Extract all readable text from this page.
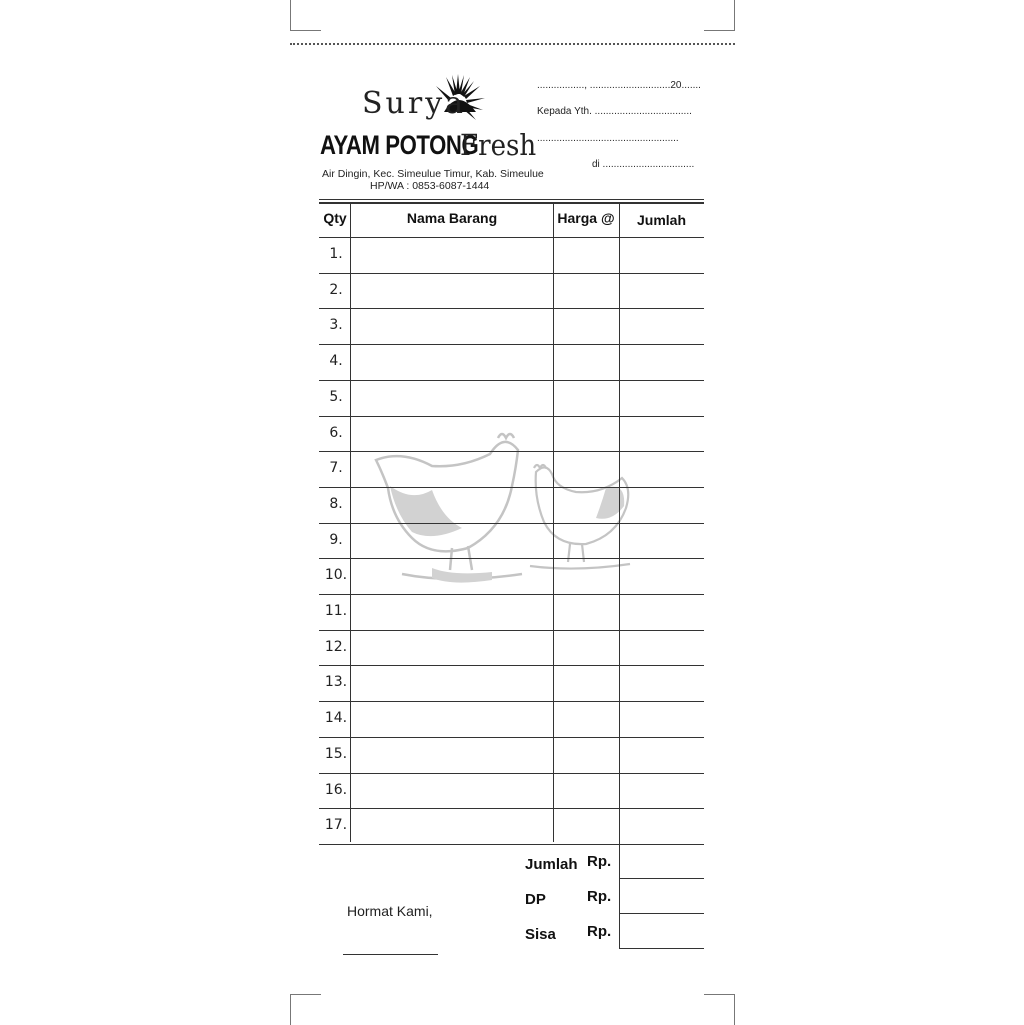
Surya
AYAM POTONG
Fresh
Air Dingin, Kec. Simeulue Timur, Kab. Simeulue
HP/WA : 0853-6087-1444
................., .............................20.......
Kepada Yth. ...................................
...................................................
di .................................
Qty	Nama Barang	Harga @	Jumlah
1.
2.
3.
4.
5.
6.
7.
8.
9.
10.
11.
12.
13.
14.
15.
16.
17.
Jumlah Rp.
DP	Rp.
Sisa Rp.
Hormat Kami,
